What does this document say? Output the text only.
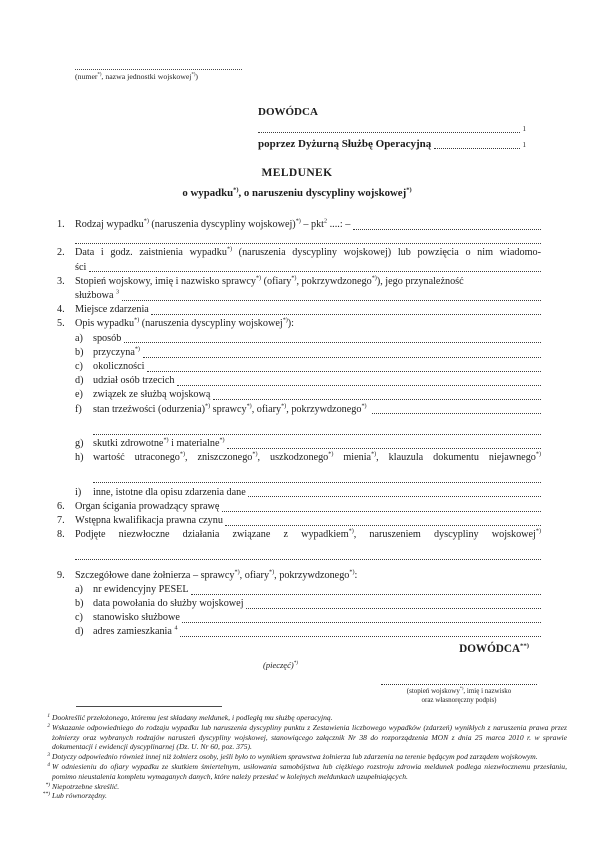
(numer*), nazwa jednostki wojskowej*))
DOWÓDCA
1
poprzez Dyżurną Służbę Operacyjną	1
MELDUNEK
o wypadku*), o naruszeniu dyscypliny wojskowej*)
1.	Rodzaj wypadku*) (naruszenia dyscypliny wojskowej)*) – pkt$^2$ ....: –
2.	Data i godz. zaistnienia wypadku*) (naruszenia dyscypliny wojskowej) lub powzięcia o nim wiadomo-
ści
3.	Stopień wojskowy, imię i nazwisko sprawcy*) (ofiary*), pokrzywdzonego*)), jego przynależność
służbowa $^3$
4.	Miejsce zdarzenia
5.	Opis wypadku*) (naruszenia dyscypliny wojskowej*)):
a) sposób
b) przyczyna*)
c) okoliczności
d) udział osób trzecich
e) związek ze służbą wojskową
f)	stan trzeźwości (odurzenia)*) sprawcy*), ofiary*), pokrzywdzonego*)
g) skutki zdrowotne*) i materialne*)
h) wartość utraconego*), zniszczonego*), uszkodzonego*) mienia*), klauzula dokumentu niejawnego*)
i)	inne, istotne dla opisu zdarzenia dane
6.	Organ ścigania prowadzący sprawę
7.	Wstępna kwalifikacja prawna czynu
8.	Podjęte niezwłoczne działania związane z wypadkiem*), naruszeniem dyscypliny wojskowej*)
9.	Szczegółowe dane żołnierza – sprawcy*), ofiary*), pokrzywdzonego*):
a) nr ewidencyjny PESEL
b) data powołania do służby wojskowej
c) stanowisko służbowe
d) adres zamieszkania $^4$
DOWÓDCA**)
(pieczęć)*)
(stopień wojskowy*), imię i nazwisko
oraz własnoręczny podpis)
1 Dookreślić przełożonego, któremu jest składany meldunek, i podległą mu służbę operacyjną.
2 Wskazanie odpowiedniego do rodzaju wypadku lub naruszenia dyscypliny punktu z Zestawienia liczbowego wypadków (zdarzeń) wynikłych z naruszenia prawa przez żołnierzy oraz wybranych rodzajów naruszeń dyscypliny wojskowej, stanowiącego załącznik Nr 38 do rozporządzenia MON z dnia 25 marca 2010 r. w sprawie dokumentacji i ewidencji dyscyplinarnej (Dz. U. Nr 60, poz. 375).
3 Dotyczy odpowiednio również innej niż żołnierz osoby, jeśli było to wynikiem sprawstwa żołnierza lub zdarzenia na terenie będącym pod zarządem wojskowym.
4 W odniesieniu do ofiary wypadku ze skutkiem śmiertelnym, usiłowania samobójstwa lub ciężkiego rozstroju zdrowia meldunek podlega niezwłocznemu przesłaniu, pomimo nieustalenia kompletu wymaganych danych, które należy przesłać w kolejnych meldunkach uzupełniających.
*) Niepotrzebne skreślić.
**) Lub równorzędny.
